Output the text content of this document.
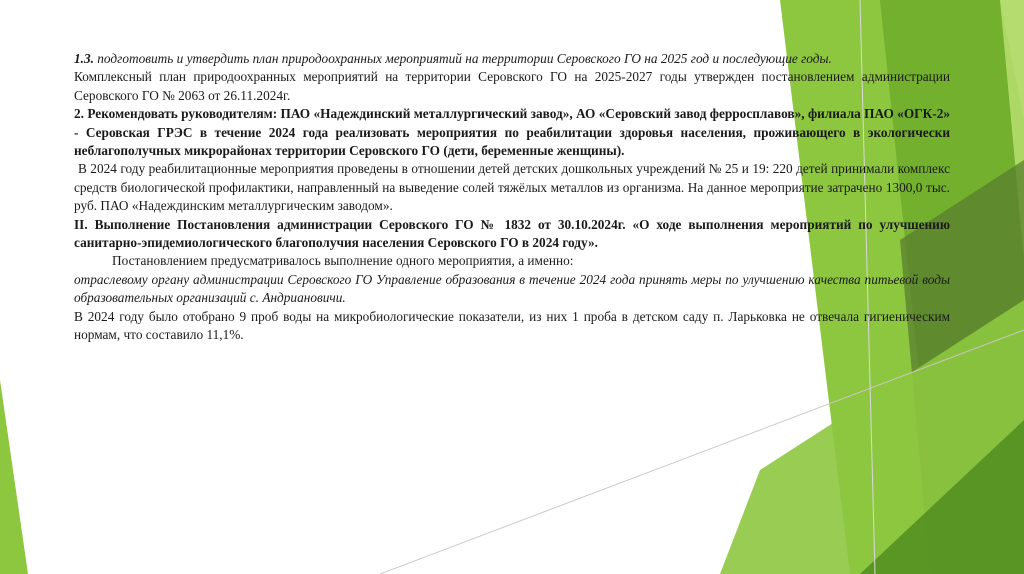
1.3. подготовить и утвердить план природоохранных мероприятий на территории Серовского ГО на 2025 год и последующие годы.

Комплексный план природоохранных мероприятий на территории Серовского ГО на 2025-2027 годы утвержден постановлением администрации Серовского ГО № 2063 от 26.11.2024г.

2. Рекомендовать руководителям: ПАО «Надеждинский металлургический завод», АО «Серовский завод ферросплавов», филиала ПАО «ОГК-2» - Серовская ГРЭС в течение 2024 года реализовать мероприятия по реабилитации здоровья населения, проживающего в экологически неблагополучных микрорайонах территории Серовского ГО (дети, беременные женщины).

В 2024 году реабилитационные мероприятия проведены в отношении детей детских дошкольных учреждений № 25 и 19: 220 детей принимали комплекс средств биологической профилактики, направленный на выведение солей тяжёлых металлов из организма. На данное мероприятие затрачено 1300,0 тыс. руб. ПАО «Надеждинским металлургическим заводом».

II. Выполнение Постановления администрации Серовского ГО № 1832 от 30.10.2024г. «О ходе выполнения мероприятий по улучшению санитарно-эпидемиологического благополучия населения Серовского ГО в 2024 году».

Постановлением предусматривалось выполнение одного мероприятия, а именно:

отраслевому органу администрации Серовского ГО Управление образования в течение 2024 года принять меры по улучшению качества питьевой воды образовательных организаций с. Андриановичи.

В 2024 году было отобрано 9 проб воды на микробиологические показатели, из них 1 проба в детском саду п. Ларьковка не отвечала гигиеническим нормам, что составило 11,1%.
